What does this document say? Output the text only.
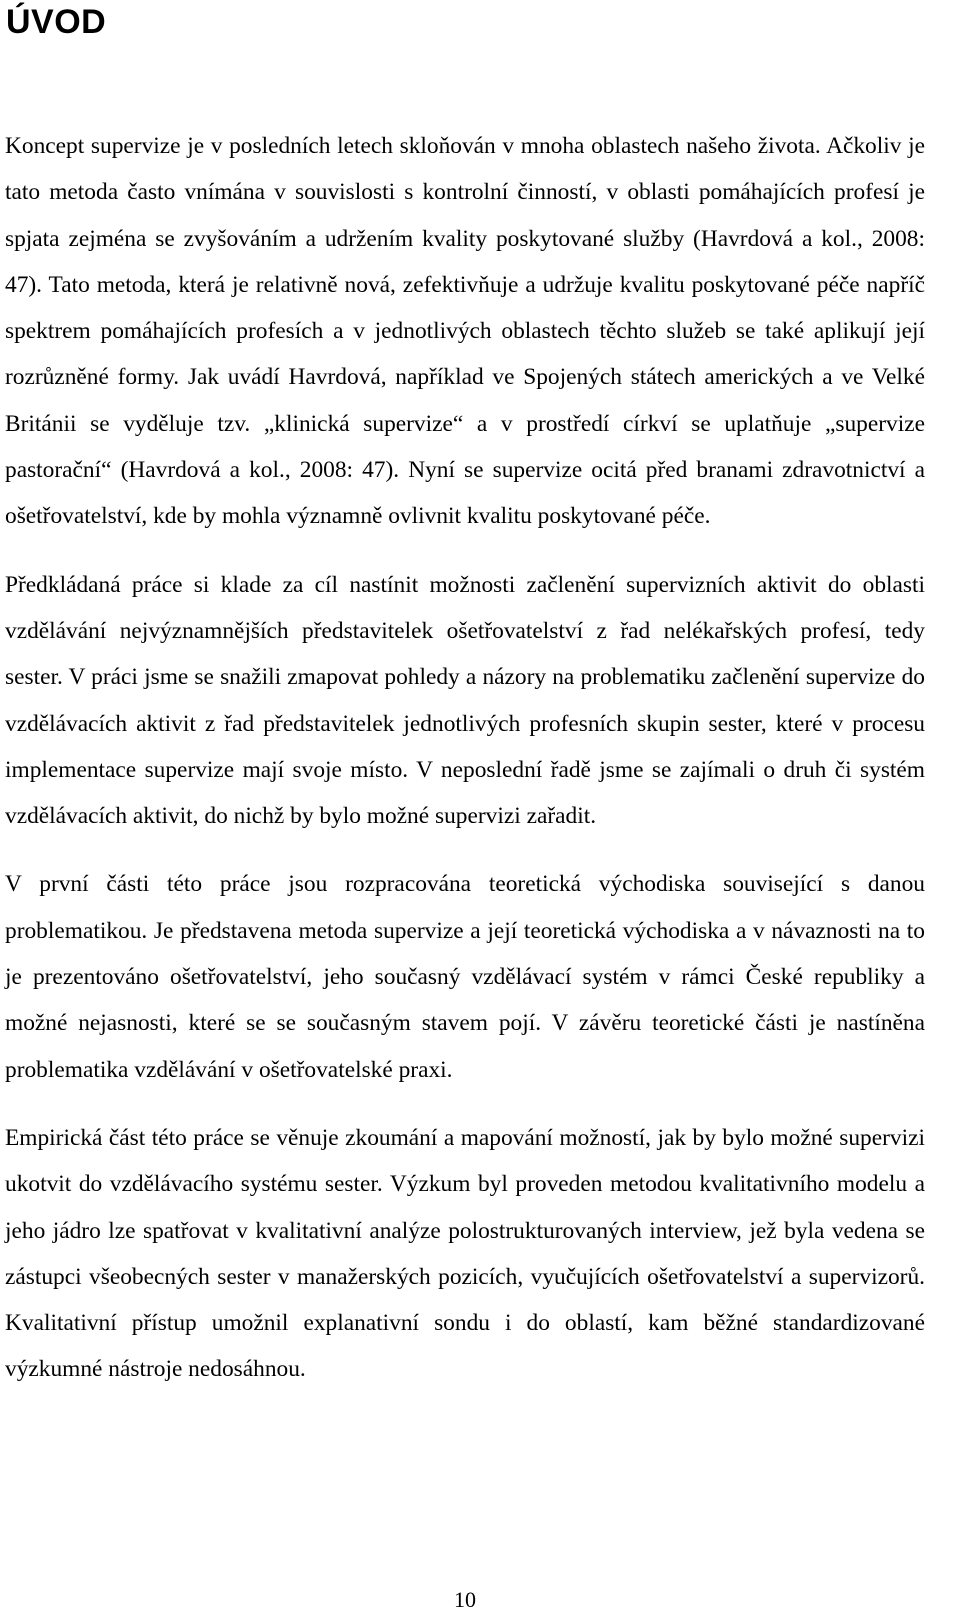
ÚVOD

Koncept supervize je v posledních letech skloňován v mnoha oblastech našeho života. Ačkoliv je tato metoda často vnímána v souvislosti s kontrolní činností, v oblasti pomáhajících profesí je spjata zejména se zvyšováním a udržením kvality poskytované služby (Havrdová a kol., 2008: 47). Tato metoda, která je relativně nová, zefektivňuje a udržuje kvalitu poskytované péče napříč spektrem pomáhajících profesích a v jednotlivých oblastech těchto služeb se také aplikují její rozrůzněné formy. Jak uvádí Havrdová, například ve Spojených státech amerických a ve Velké Británii se vyděluje tzv. „klinická supervize“ a v prostředí církví se uplatňuje „supervize pastorační“ (Havrdová a kol., 2008: 47). Nyní se supervize ocitá před branami zdravotnictví a ošetřovatelství, kde by mohla významně ovlivnit kvalitu poskytované péče.

Předkládaná práce si klade za cíl nastínit možnosti začlenění supervizních aktivit do oblasti vzdělávání nejvýznamnějších představitelek ošetřovatelství z řad nelékařských profesí, tedy sester. V práci jsme se snažili zmapovat pohledy a názory na problematiku začlenění supervize do vzdělávacích aktivit z řad představitelek jednotlivých profesních skupin sester, které v procesu implementace supervize mají svoje místo. V neposlední řadě jsme se zajímali o druh či systém vzdělávacích aktivit, do nichž by bylo možné supervizi zařadit.

V první části této práce jsou rozpracována teoretická východiska související s danou problematikou. Je představena metoda supervize a její teoretická východiska a v návaznosti na to je prezentováno ošetřovatelství, jeho současný vzdělávací systém v rámci České republiky a možné nejasnosti, které se se současným stavem pojí. V závěru teoretické části je nastíněna problematika vzdělávání v ošetřovatelské praxi.

Empirická část této práce se věnuje zkoumání a mapování možností, jak by bylo možné supervizi ukotvit do vzdělávacího systému sester. Výzkum byl proveden metodou kvalitativního modelu a jeho jádro lze spatřovat v kvalitativní analýze polostrukturovaných interview, jež byla vedena se zástupci všeobecných sester v manažerských pozicích, vyučujících ošetřovatelství a supervizorů. Kvalitativní přístup umožnil explanativní sondu i do oblastí, kam běžné standardizované výzkumné nástroje nedosáhnou.

10
